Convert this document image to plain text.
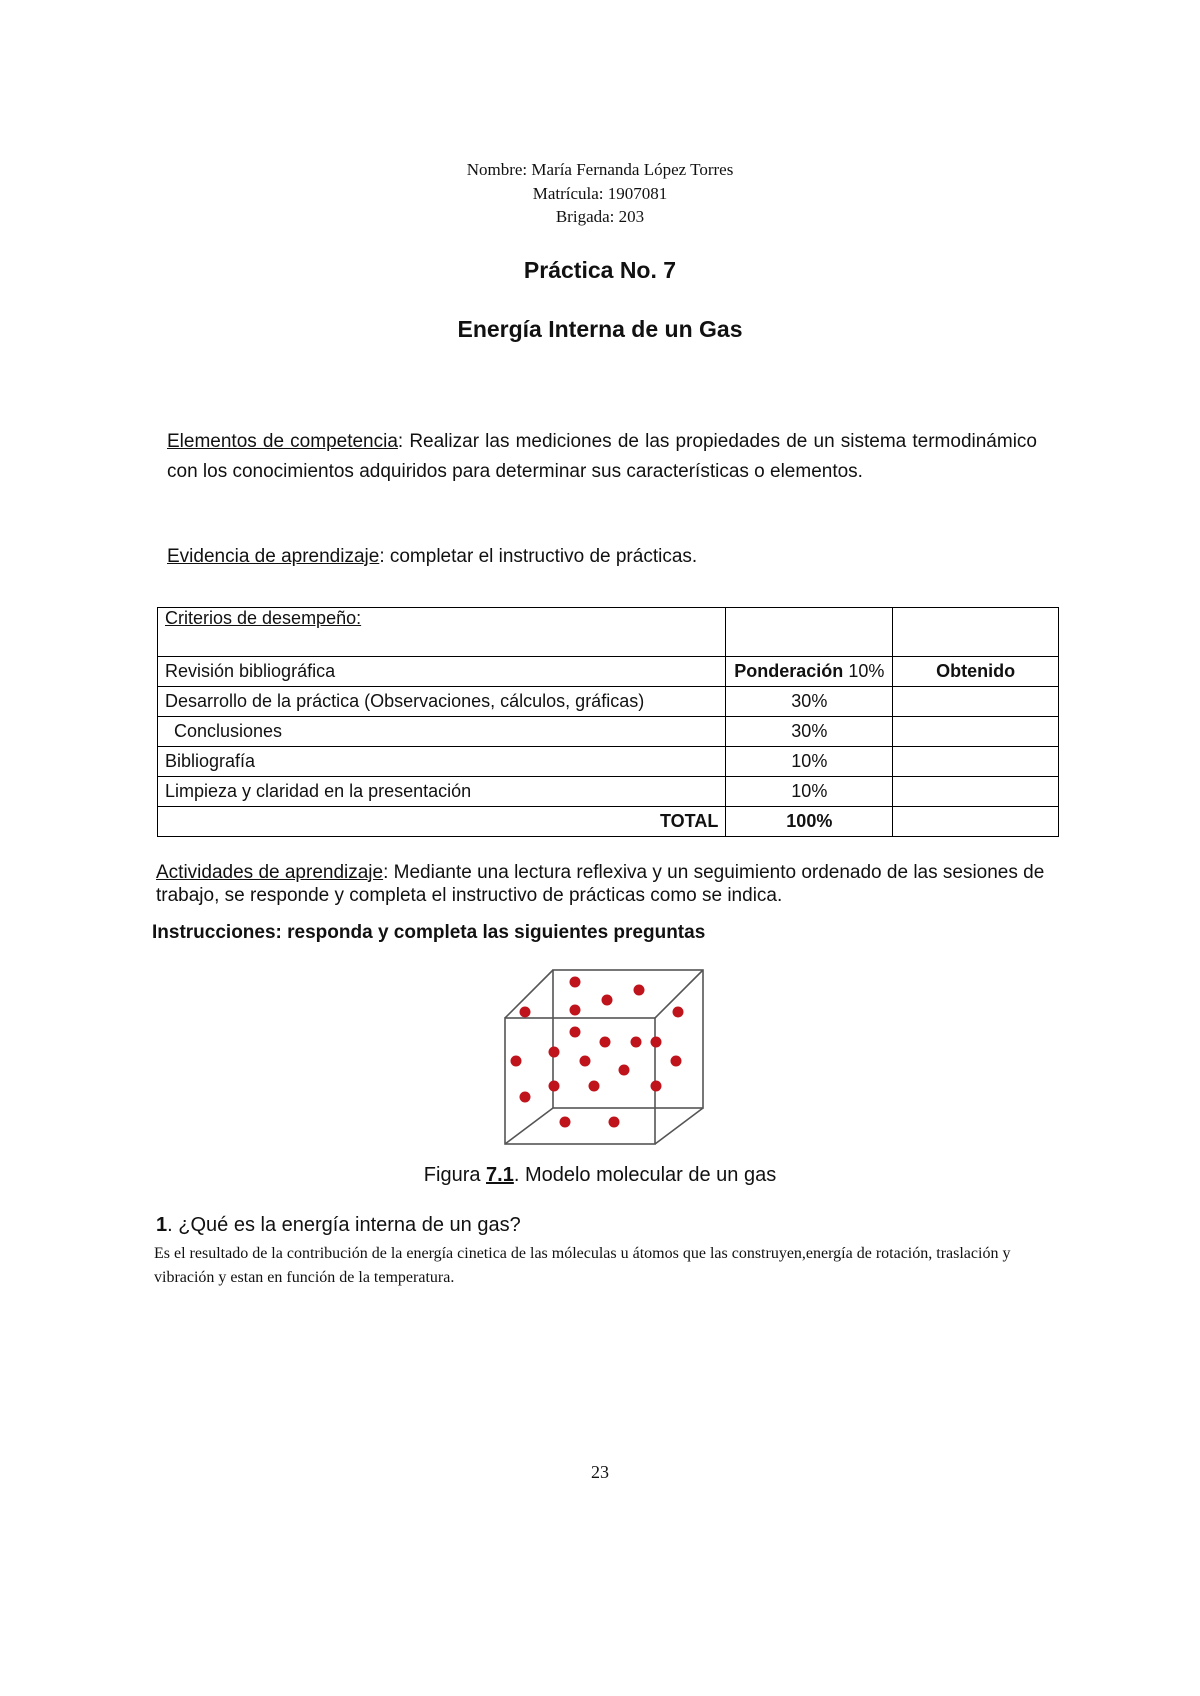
Nombre: María Fernanda López Torres
Matrícula: 1907081
Brigada: 203
Práctica No. 7
Energía Interna de un Gas
Elementos de competencia: Realizar las mediciones de las propiedades de un sistema termodinámico con los conocimientos adquiridos para determinar sus características o elementos.
Evidencia de aprendizaje: completar el instructivo de prácticas.
Criterios de desempeño:		
Revisión bibliográfica	Ponderación 10%	Obtenido
Desarrollo de la práctica (Observaciones, cálculos, gráficas)	30%	
Conclusiones	30%	
Bibliografía	10%	
Limpieza y claridad en la presentación	10%	
TOTAL	100%	
Actividades de aprendizaje: Mediante una lectura reflexiva y un seguimiento ordenado de las sesiones de trabajo, se responde y completa el instructivo de prácticas como se indica.
Instrucciones: responda y completa las siguientes preguntas
Figura 7.1. Modelo molecular de un gas
1. ¿Qué es la energía interna de un gas?
Es el resultado de la contribución de la energía cinetica de las móleculas u átomos que las construyen,energía de rotación, traslación y vibración y estan en función de la temperatura.
23
